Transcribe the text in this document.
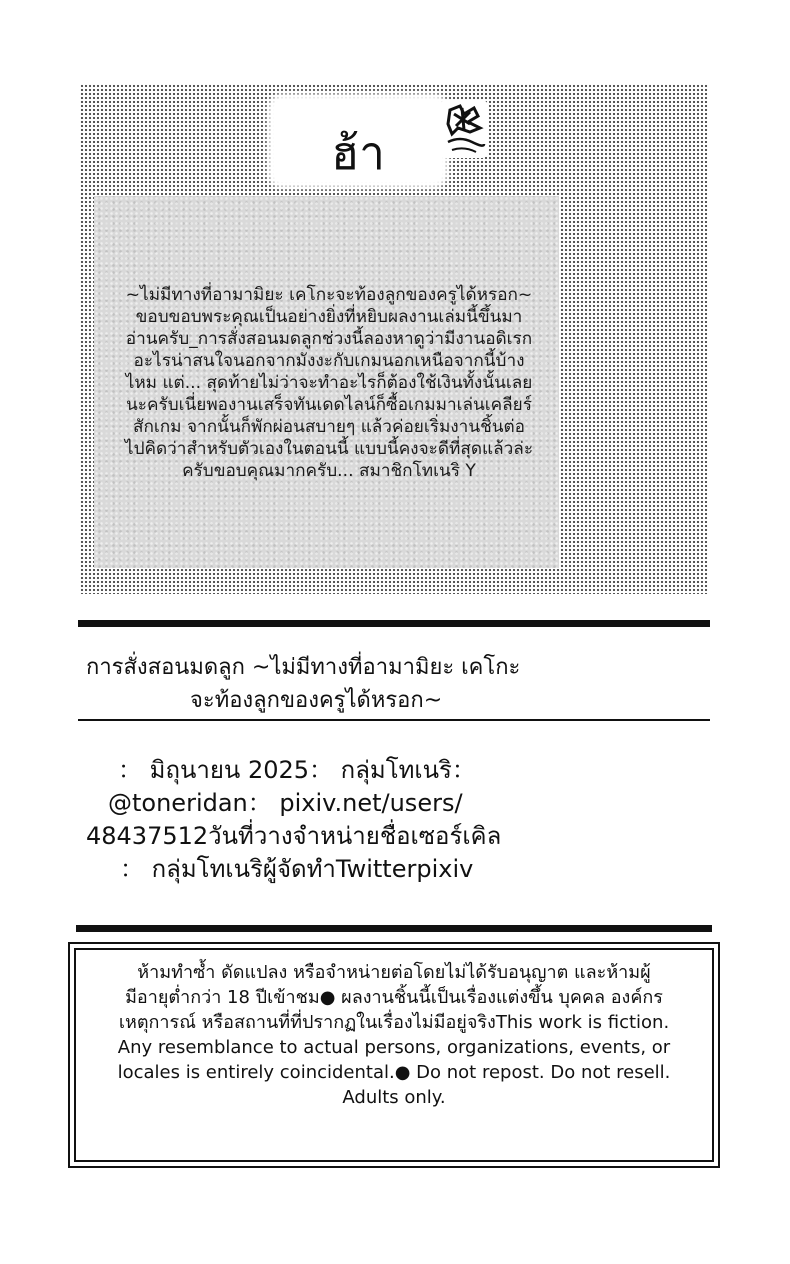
ฮ้า
~ไม่มีทางที่อามามิยะ เคโกะจะท้องลูกของครูได้หรอก~
ขอบขอบพระคุณเป็นอย่างยิ่งที่หยิบผลงานเล่มนี้ขึ้นมา
อ่านครับ_การสั่งสอนมดลูกช่วงนี้ลองหาดูว่ามีงานอดิเรก
อะไรน่าสนใจนอกจากมังงะกับเกมนอกเหนือจากนี้บ้าง
ไหม แต่... สุดท้ายไม่ว่าจะทำอะไรก็ต้องใช้เงินทั้งนั้นเลย
นะครับเนี่ยพองานเสร็จทันเดดไลน์ก็ซื้อเกมมาเล่นเคลียร์
สักเกม จากนั้นก็พักผ่อนสบายๆ แล้วค่อยเริ่มงานชิ้นต่อ
ไปคิดว่าสำหรับตัวเองในตอนนี้ แบบนี้คงจะดีที่สุดแล้วล่ะ
ครับขอบคุณมากครับ... สมาชิกโทเนริ Y
การสั่งสอนมดลูก ~ไม่มีทางที่อามามิยะ เคโกะ
จะท้องลูกของครูได้หรอก~
： มิถุนายน 2025： กลุ่มโทเนริ：
@toneridan： pixiv.net/users/
48437512วันที่วางจำหน่ายชื่อเซอร์เคิล
： กลุ่มโทเนริผู้จัดทำTwitterpixiv
ห้ามทำซ้ำ ดัดแปลง หรือจำหน่ายต่อโดยไม่ได้รับอนุญาต และห้ามผู้
มีอายุต่ำกว่า 18 ปีเข้าชม● ผลงานชิ้นนี้เป็นเรื่องแต่งขึ้น บุคคล องค์กร
เหตุการณ์ หรือสถานที่ที่ปรากฏในเรื่องไม่มีอยู่จริงThis work is fiction.
Any resemblance to actual persons, organizations, events, or
locales is entirely coincidental.● Do not repost. Do not resell.
Adults only.
